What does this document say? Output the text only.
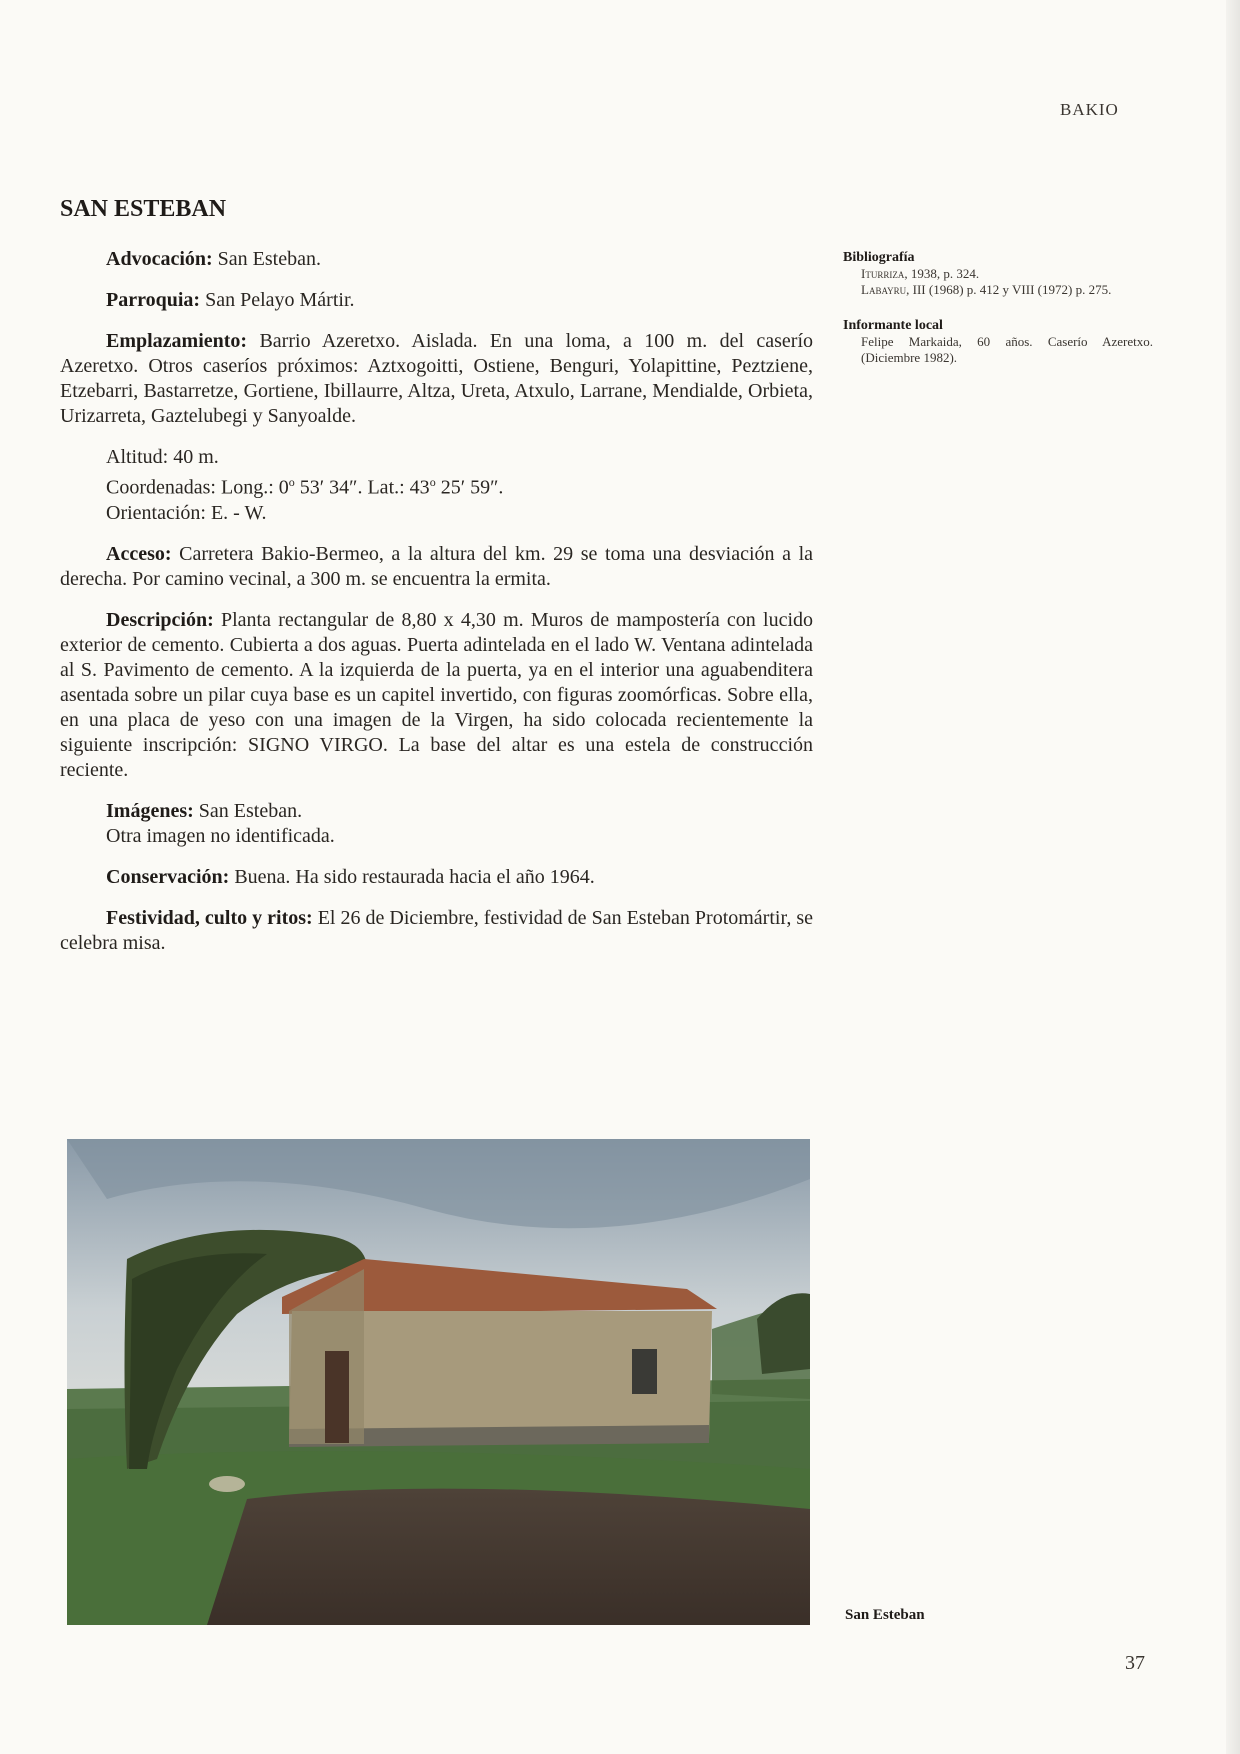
BAKIO
SAN ESTEBAN

Advocación: San Esteban.

Parroquia: San Pelayo Mártir.

Emplazamiento: Barrio Azeretxo. Aislada. En una loma, a 100 m. del caserío Azeretxo. Otros caseríos próximos: Aztxogoitti, Ostiene, Benguri, Yolapittine, Peztziene, Etzebarri, Bastarretze, Gortiene, Ibillaurre, Altza, Ureta, Atxulo, Larrane, Mendialde, Orbieta, Urizarreta, Gaztelubegi y Sanyoalde.

Altitud: 40 m.
Coordenadas: Long.: 0$^o$ 53′ 34″. Lat.: 43$^o$ 25′ 59″.
Orientación: E. - W.

Acceso: Carretera Bakio-Bermeo, a la altura del km. 29 se toma una desviación a la derecha. Por camino vecinal, a 300 m. se encuentra la ermita.

Descripción: Planta rectangular de 8,80 x 4,30 m. Muros de mampostería con lucido exterior de cemento. Cubierta a dos aguas. Puerta adintelada en el lado W. Ventana adintelada al S. Pavimento de cemento. A la izquierda de la puerta, ya en el interior una aguabenditera asentada sobre un pilar cuya base es un capitel invertido, con figuras zoomórficas. Sobre ella, en una placa de yeso con una imagen de la Virgen, ha sido colocada recientemente la siguiente inscripción: SIGNO VIRGO. La base del altar es una estela de construcción reciente.

Imágenes: San Esteban.

Otra imagen no identificada.

Conservación: Buena. Ha sido restaurada hacia el año 1964.

Festividad, culto y ritos: El 26 de Diciembre, festividad de San Esteban Protomártir, se celebra misa.

Bibliografía
Iturriza, 1938, p. 324.
Labayru, III (1968) p. 412 y VIII (1972) p. 275.
Informante local
Felipe Markaida, 60 años. Caserío Azeretxo. (Diciembre 1982).
San Esteban
37
